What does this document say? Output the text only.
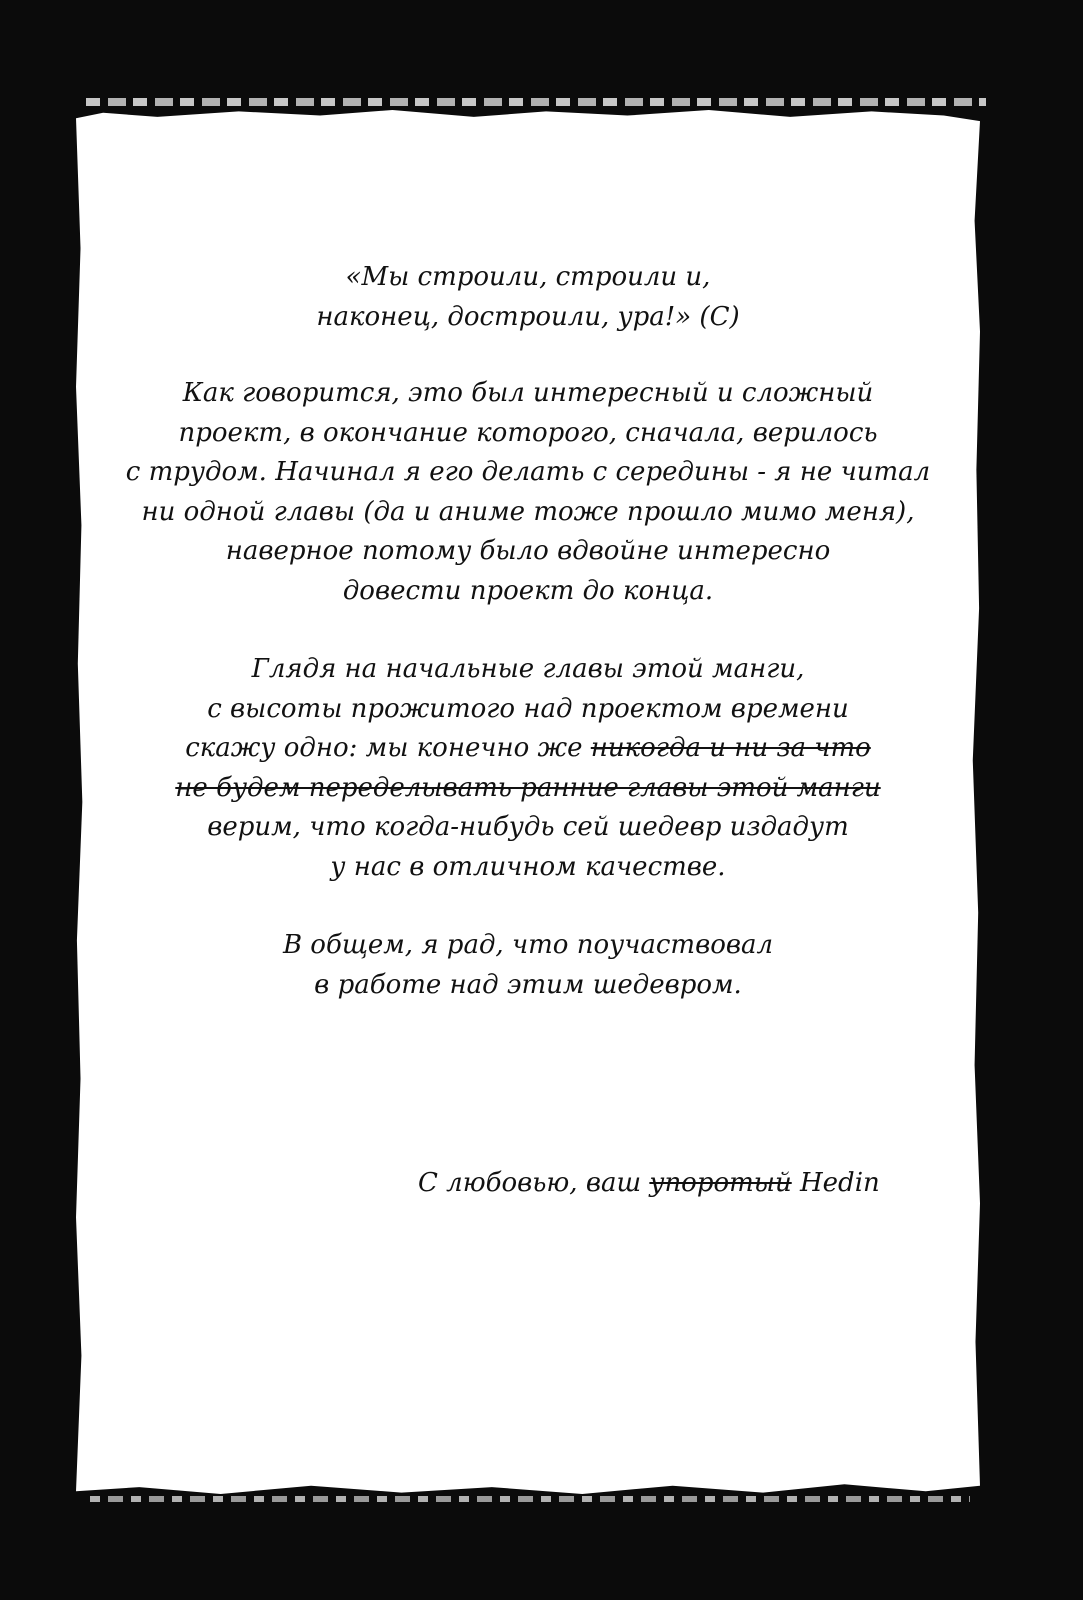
«Мы строили, строили и,
наконец, достроили, ура!» (С)
Как говорится, это был интересный и сложный
проект, в окончание которого, сначала, верилось
с трудом. Начинал я его делать с середины - я не читал
ни одной главы (да и аниме тоже прошло мимо меня),
наверное потому было вдвойне интересно
довести проект до конца.
Глядя на начальные главы этой манги,
с высоты прожитого над проектом времени
скажу одно: мы конечно же никогда и ни за что
не будем переделывать ранние главы этой манги
верим, что когда-нибудь сей шедевр издадут
у нас в отличном качестве.
В общем, я рад, что поучаствовал
в работе над этим шедевром.
С любовью, ваш упоротый Hedin
